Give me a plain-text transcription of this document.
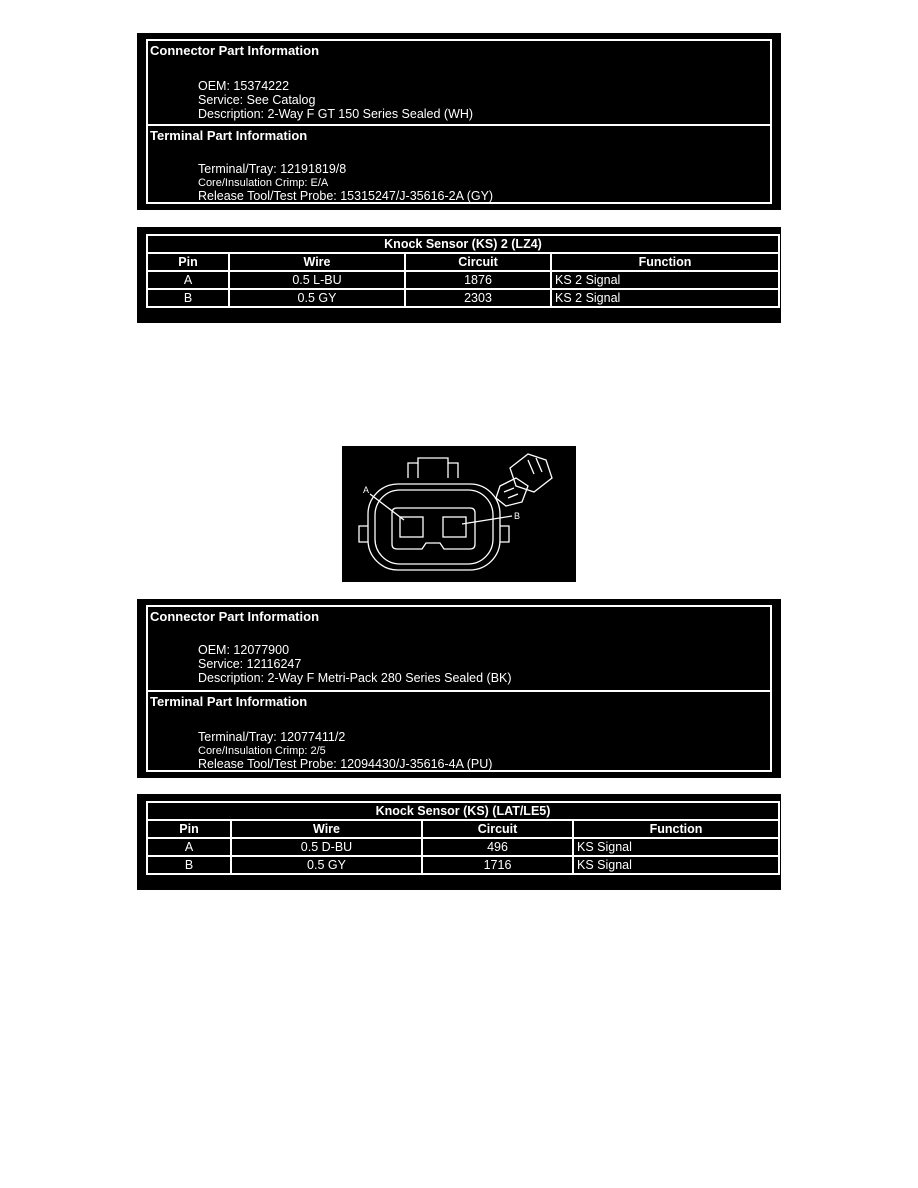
Connector Part Information
OEM: 15374222
Service: See Catalog
Description: 2-Way F GT 150 Series Sealed (WH)
Terminal Part Information
Terminal/Tray: 12191819/8
Core/Insulation Crimp: E/A
Release Tool/Test Probe: 15315247/J-35616-2A (GY)
Knock Sensor (KS) 2 (LZ4)			
Pin	Wire	Circuit	Function
A	0.5 L-BU	1876	KS 2 Signal
B	0.5 GY	2303	KS 2 Signal
A
B
Connector Part Information
OEM: 12077900
Service: 12116247
Description: 2-Way F Metri-Pack 280 Series Sealed (BK)
Terminal Part Information
Terminal/Tray: 12077411/2
Core/Insulation Crimp: 2/5
Release Tool/Test Probe: 12094430/J-35616-4A (PU)
Knock Sensor (KS) (LAT/LE5)			
Pin	Wire	Circuit	Function
A	0.5 D-BU	496	KS Signal
B	0.5 GY	1716	KS Signal
